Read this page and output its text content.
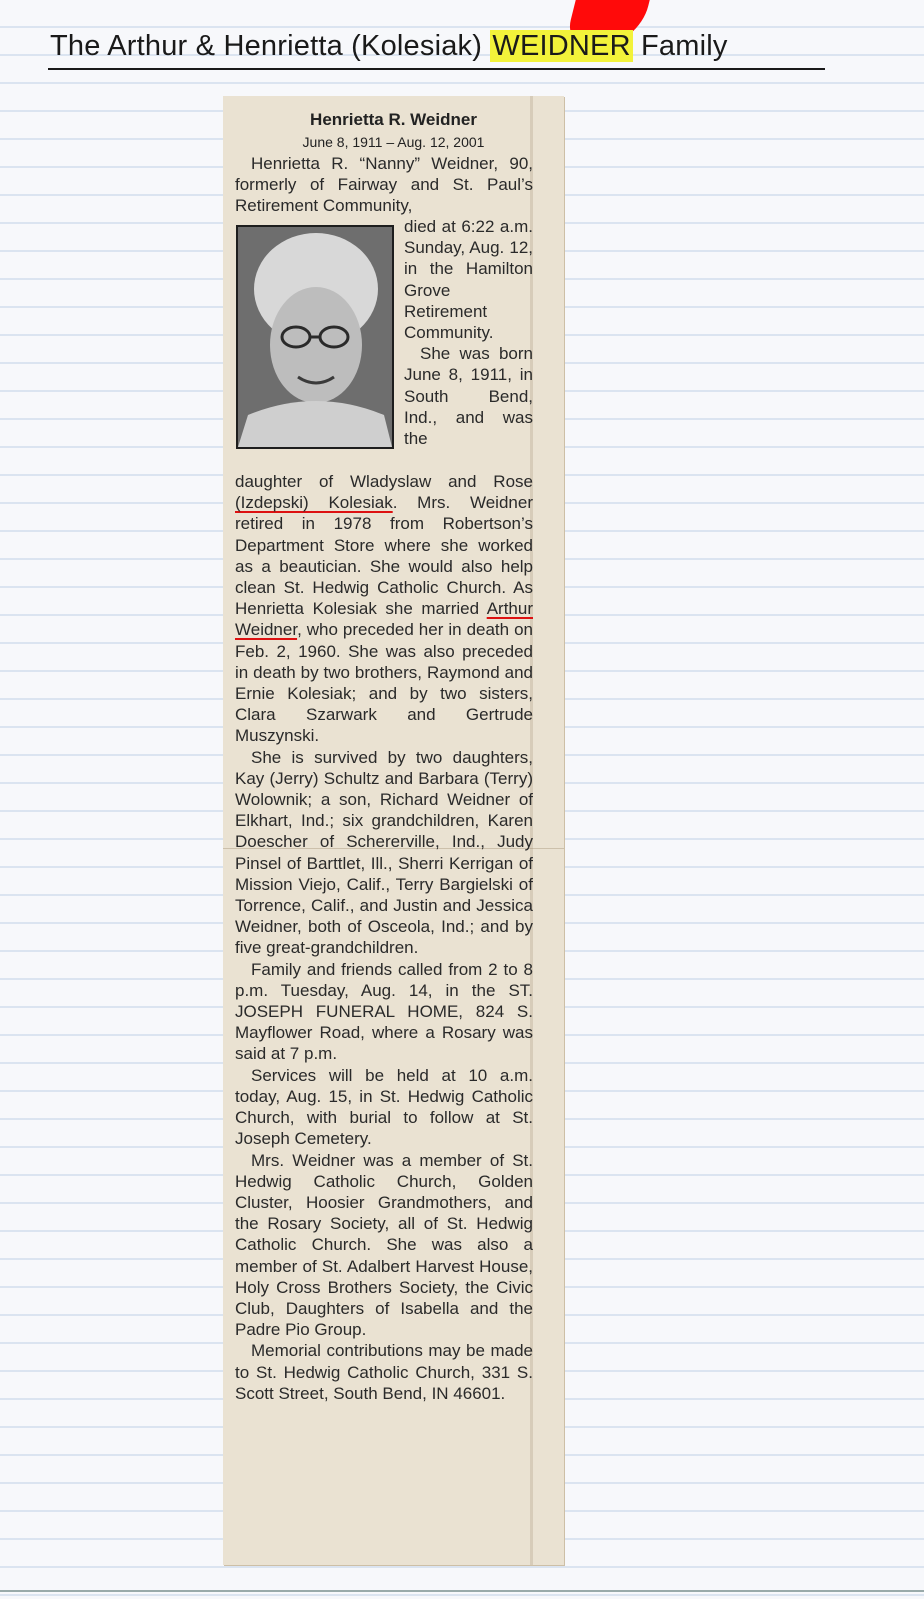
The Arthur & Henrietta (Kolesiak) WEIDNER Family
Henrietta R. Weidner
June 8, 1911 – Aug. 12, 2001

Henrietta R. “Nanny” Weidner, 90, formerly of Fairway and St. Paul’s Retirement Community,

died at 6:22 a.m. Sunday, Aug. 12, in the Hamilton Grove Retirement Community.

She was born June 8, 1911, in South Bend, Ind., and was the

daughter of Wladyslaw and Rose (Izdepski) Kolesiak. Mrs. Weidner retired in 1978 from Robertson’s Department Store where she worked as a beautician. She would also help clean St. Hedwig Catholic Church. As Henrietta Kolesiak she married Arthur Weidner, who preceded her in death on Feb. 2, 1960. She was also preceded in death by two brothers, Raymond and Ernie Kolesiak; and by two sisters, Clara Szarwark and Gertrude Muszynski.

She is survived by two daughters, Kay (Jerry) Schultz and Barbara (Terry) Wolownik; a son, Richard Weidner of Elkhart, Ind.; six grandchildren, Karen Doescher of Schererville, Ind., Judy Pinsel of Barttlet, Ill., Sherri Kerrigan of Mission Viejo, Calif., Terry Bargielski of Torrence, Calif., and Justin and Jessica Weidner, both of Osceola, Ind.; and by five great-grandchildren.

Family and friends called from 2 to 8 p.m. Tuesday, Aug. 14, in the ST. JOSEPH FUNERAL HOME, 824 S. Mayflower Road, where a Rosary was said at 7 p.m.

Services will be held at 10 a.m. today, Aug. 15, in St. Hedwig Catholic Church, with burial to follow at St. Joseph Cemetery.

Mrs. Weidner was a member of St. Hedwig Catholic Church, Golden Cluster, Hoosier Grandmothers, and the Rosary Society, all of St. Hedwig Catholic Church. She was also a member of St. Adalbert Harvest House, Holy Cross Brothers Society, the Civic Club, Daughters of Isabella and the Padre Pio Group.

Memorial contributions may be made to St. Hedwig Catholic Church, 331 S. Scott Street, South Bend, IN 46601.
